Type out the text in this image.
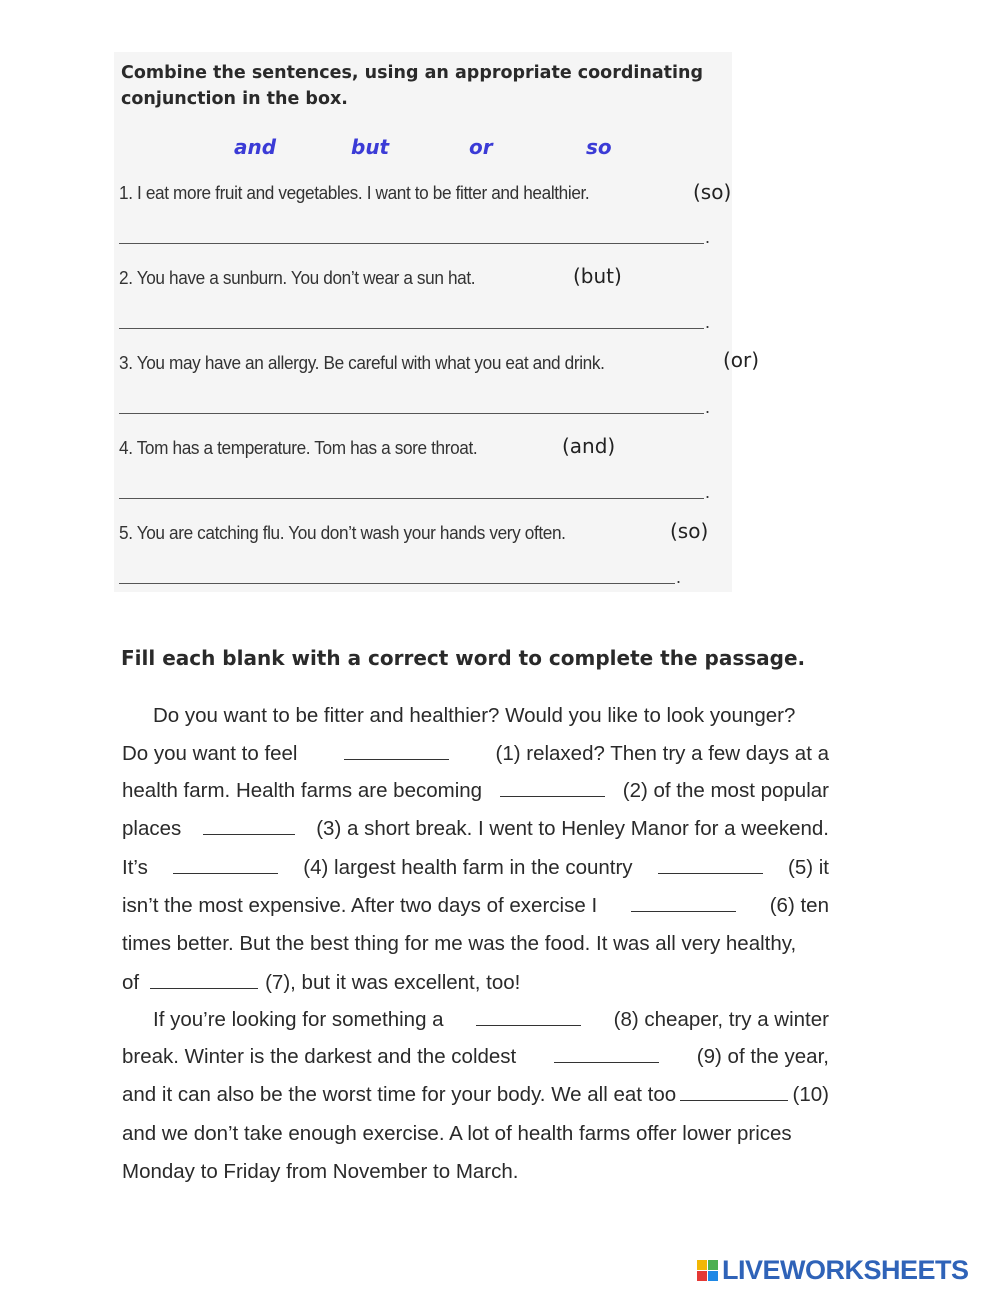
Combine the sentences, using an appropriate coordinating
conjunction in the box.
and	but	or	so
1. I eat more fruit and vegetables. I want to be fitter and healthier.	(so)
.
2. You have a sunburn. You don’t wear a sun hat.	(but)
.
3. You may have an allergy. Be careful with what you eat and drink.	(or)
.
4. Tom has a temperature. Tom has a sore throat.	(and)
.
5. You are catching flu. You don’t wash your hands very often.	(so)
.
Fill each blank with a correct word to complete the passage.
Do you want to be fitter and healthier? Would you like to look younger?
Do you want to feel	(1) relaxed? Then try a few days at a
health farm. Health farms are becoming	(2) of the most popular
places	(3) a short break. I went to Henley Manor for a weekend.
It’s	(4) largest health farm in the country	(5) it
isn’t the most expensive. After two days of exercise I	(6) ten
times better. But the best thing for me was the food. It was all very healthy,
of	(7), but it was excellent, too!
If you’re looking for something a	(8) cheaper, try a winter
break. Winter is the darkest and the coldest	(9) of the year,
and it can also be the worst time for your body. We all eat too	(10)
and we don’t take enough exercise. A lot of health farms offer lower prices
Monday to Friday from November to March.
LIVEWORKSHEETS
